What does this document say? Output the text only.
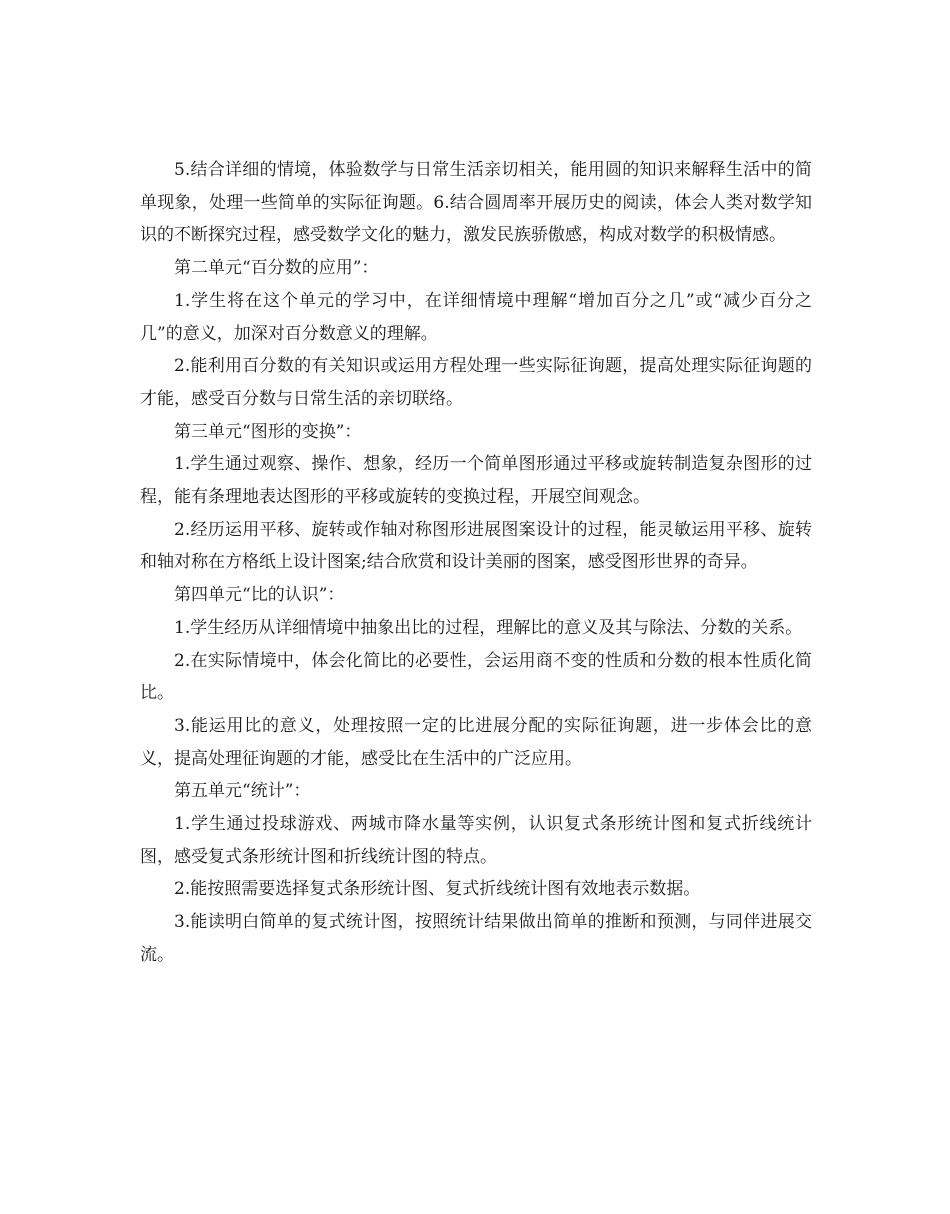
5.结合详细的情境，体验数学与日常生活亲切相关，能用圆的知识来解释生活中的简单现象，处理一些简单的实际征询题。6.结合圆周率开展历史的阅读，体会人类对数学知识的不断探究过程，感受数学文化的魅力，激发民族骄傲感，构成对数学的积极情感。

第二单元“百分数的应用”：

1.学生将在这个单元的学习中，在详细情境中理解“增加百分之几”或“减少百分之几”的意义，加深对百分数意义的理解。

2.能利用百分数的有关知识或运用方程处理一些实际征询题，提高处理实际征询题的才能，感受百分数与日常生活的亲切联络。

第三单元“图形的变换”：

1.学生通过观察、操作、想象，经历一个简单图形通过平移或旋转制造复杂图形的过程，能有条理地表达图形的平移或旋转的变换过程，开展空间观念。

2.经历运用平移、旋转或作轴对称图形进展图案设计的过程，能灵敏运用平移、旋转和轴对称在方格纸上设计图案;结合欣赏和设计美丽的图案，感受图形世界的奇异。

第四单元“比的认识”：

1.学生经历从详细情境中抽象出比的过程，理解比的意义及其与除法、分数的关系。

2.在实际情境中，体会化简比的必要性，会运用商不变的性质和分数的根本性质化简比。

3.能运用比的意义，处理按照一定的比进展分配的实际征询题，进一步体会比的意义，提高处理征询题的才能，感受比在生活中的广泛应用。

第五单元“统计”：

1.学生通过投球游戏、两城市降水量等实例，认识复式条形统计图和复式折线统计图，感受复式条形统计图和折线统计图的特点。

2.能按照需要选择复式条形统计图、复式折线统计图有效地表示数据。

3.能读明白简单的复式统计图，按照统计结果做出简单的推断和预测，与同伴进展交流。
